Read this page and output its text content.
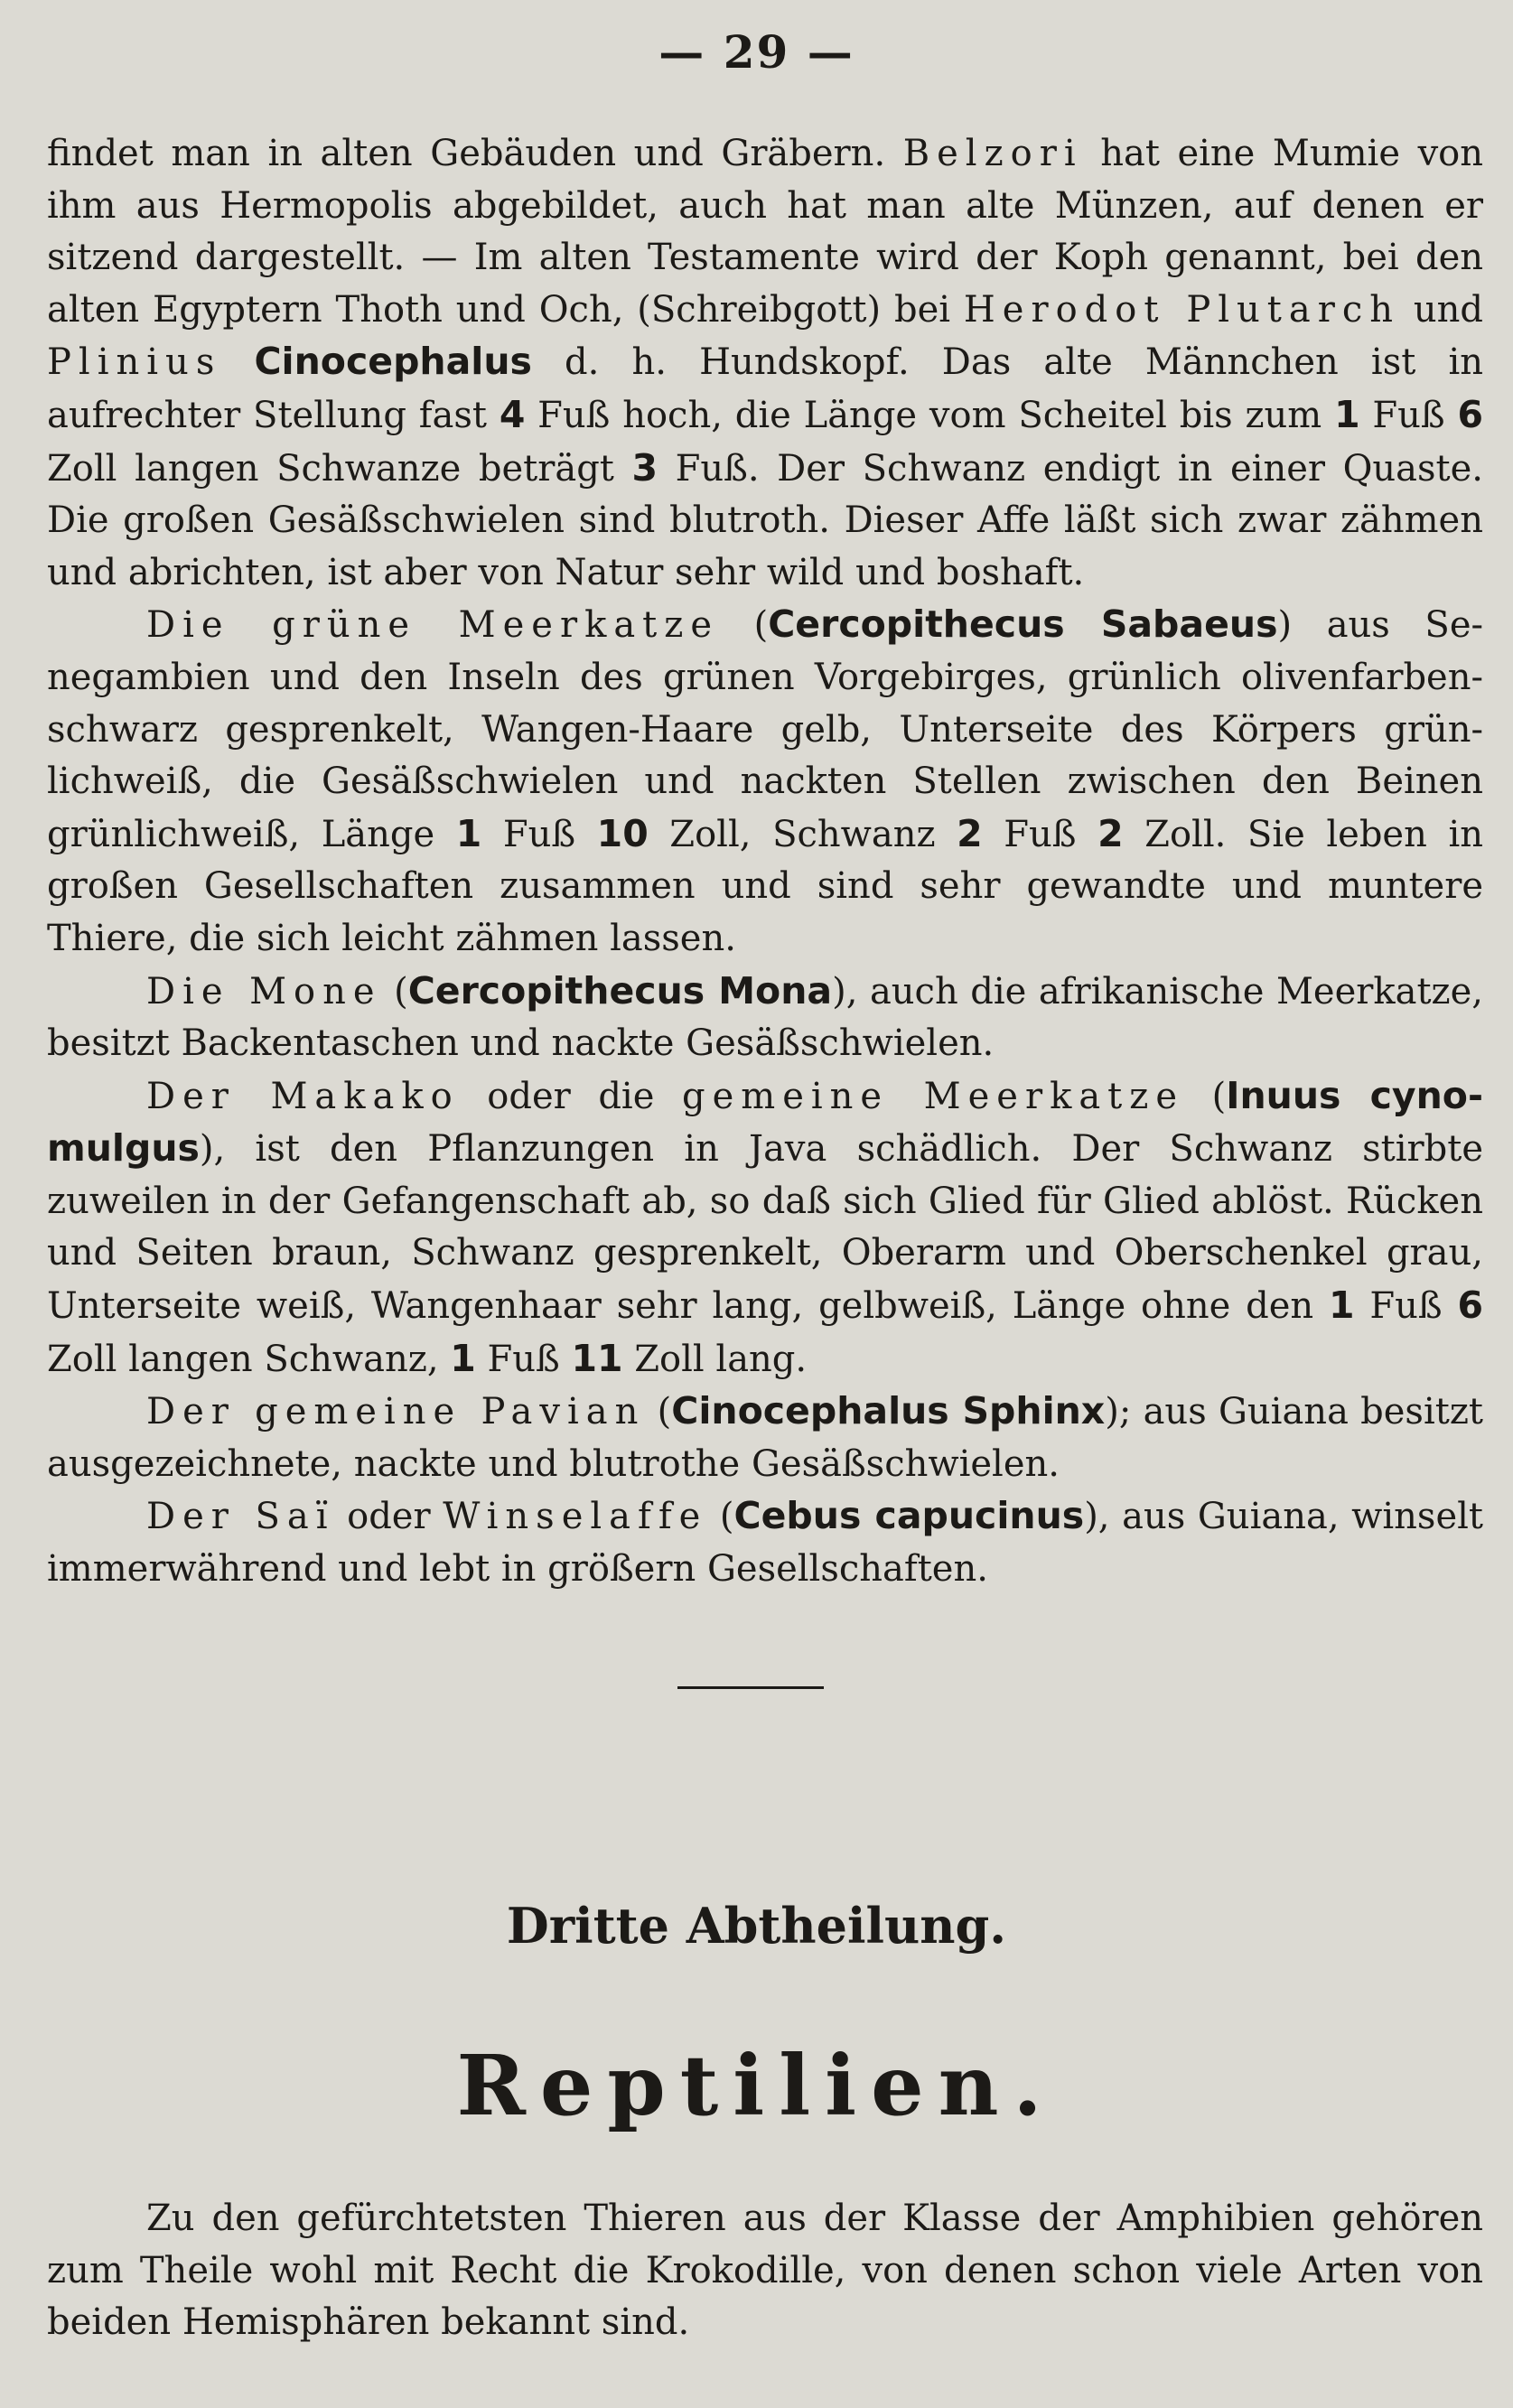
— 29 —

findet man in alten Gebäuden und Gräbern. Belzori hat eine Mumie von ihm aus Hermopolis abgebildet, auch hat man alte Münzen, auf denen er sitzend dargestellt. — Im alten Testamente wird der Koph genannt, bei den alten Egyptern Thoth und Och, (Schreibgott) bei Herodot Plutarch und Plinius Cinocephalus d. h. Hundskopf. Das alte Männchen ist in aufrechter Stellung fast 4 Fuß hoch, die Länge vom Scheitel bis zum 1 Fuß 6 Zoll langen Schwanze beträgt 3 Fuß. Der Schwanz endigt in einer Quaste. Die großen Gesäßschwielen sind blutroth. Dieser Affe läßt sich zwar zähmen und abrichten, ist aber von Natur sehr wild und boshaft.

Die grüne Meerkatze (Cercopithecus Sabaeus) aus Senegambien und den Inseln des grünen Vorgebirges, grünlich olivenfarbenschwarz gesprenkelt, Wangen-Haare gelb, Unterseite des Körpers grünlichweiß, die Gesäßschwielen und nackten Stellen zwischen den Beinen grünlichweiß, Länge 1 Fuß 10 Zoll, Schwanz 2 Fuß 2 Zoll. Sie leben in großen Gesellschaften zusammen und sind sehr gewandte und muntere Thiere, die sich leicht zähmen lassen.

Die Mone (Cercopithecus Mona), auch die afrikanische Meerkatze, besitzt Backentaschen und nackte Gesäßschwielen.

Der Makako oder die gemeine Meerkatze (Inuus cynomulgus), ist den Pflanzungen in Java schädlich. Der Schwanz stirbte zuweilen in der Gefangenschaft ab, so daß sich Glied für Glied ablöst. Rücken und Seiten braun, Schwanz gesprenkelt, Oberarm und Oberschenkel grau, Unterseite weiß, Wangenhaar sehr lang, gelbweiß, Länge ohne den 1 Fuß 6 Zoll langen Schwanz, 1 Fuß 11 Zoll lang.

Der gemeine Pavian (Cinocephalus Sphinx); aus Guiana besitzt ausgezeichnete, nackte und blutrothe Gesäßschwielen.

Der Saï oder Winselaffe (Cebus capucinus), aus Guiana, winselt immerwährend und lebt in größern Gesellschaften.

Dritte Abtheilung.
Reptilien.

Zu den gefürchtetsten Thieren aus der Klasse der Amphibien gehören zum Theile wohl mit Recht die Krokodille, von denen schon viele Arten von beiden Hemisphären bekannt sind.
